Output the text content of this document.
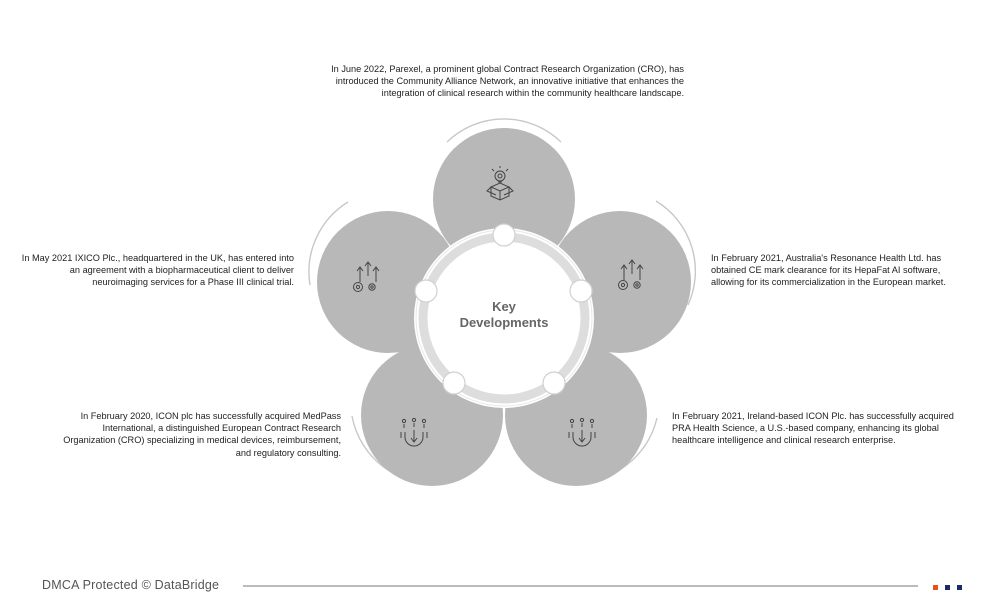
Key
Developments

In June 2022, Parexel, a prominent global Contract Research Organization (CRO), has introduced the Community Alliance Network, an innovative initiative that enhances the integration of clinical research within the community healthcare landscape.

In February 2021, Australia's Resonance Health Ltd. has obtained CE mark clearance for its HepaFat AI software, allowing for its commercialization in the European market.

In February 2021, Ireland-based ICON Plc. has successfully acquired PRA Health Science, a U.S.-based company, enhancing its global healthcare intelligence and clinical research enterprise.

In February 2020, ICON plc has successfully acquired MedPass International, a distinguished European Contract Research Organization (CRO) specializing in medical devices, reimbursement, and regulatory consulting.

In May 2021 IXICO Plc., headquartered in the UK, has entered into an agreement with a biopharmaceutical client to deliver neuroimaging services for a Phase III clinical trial.

DMCA Protected © DataBridge
